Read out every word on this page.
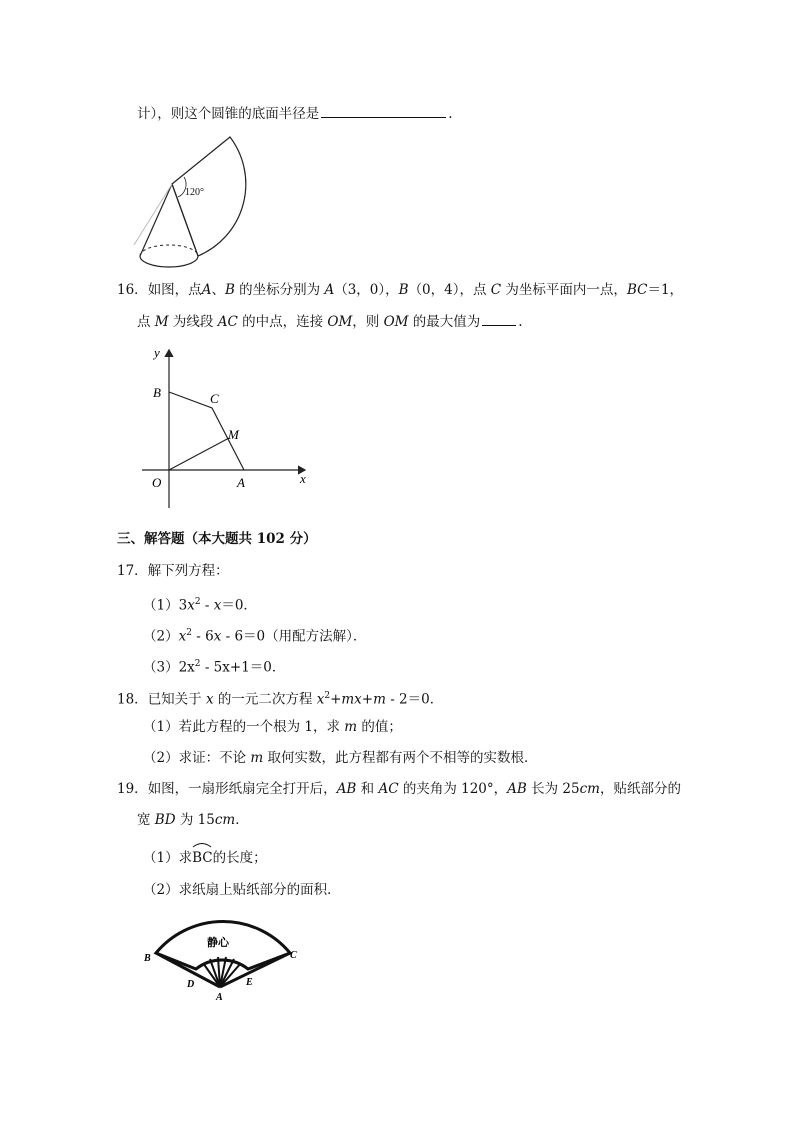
计），则这个圆锥的底面半径是	.
120°
16．如图，点A、B 的坐标分别为 A（3，0），B（0，4），点 C 为坐标平面内一点，BC＝1，
点 M 为线段 AC 的中点，连接 OM，则 OM 的最大值为	.
y
x
O	A
B	C
M
三、解答题（本大题共 102 分）
17．解下列方程：
$(1)3x^2 - x=0$．
$(2)x^2 - 6x - 6=0$（用配方法解）．
$(3)2x^2 - 5x+1=0$．
18．已知关于 x 的一元二次方程 $x^2+mx+m - 2=0$．
（1）若此方程的一个根为 1，求 m 的值；
（2）求证：不论 m 取何实数，此方程都有两个不相等的实数根．
19．如图，一扇形纸扇完全打开后，AB 和 AC 的夹角为 120°，AB 长为 25cm，贴纸部分的
宽 BD 为 15cm．
（1）求
BC的长度；
（2）求纸扇上贴纸部分的面积．
静心
B	C
D	E
A
